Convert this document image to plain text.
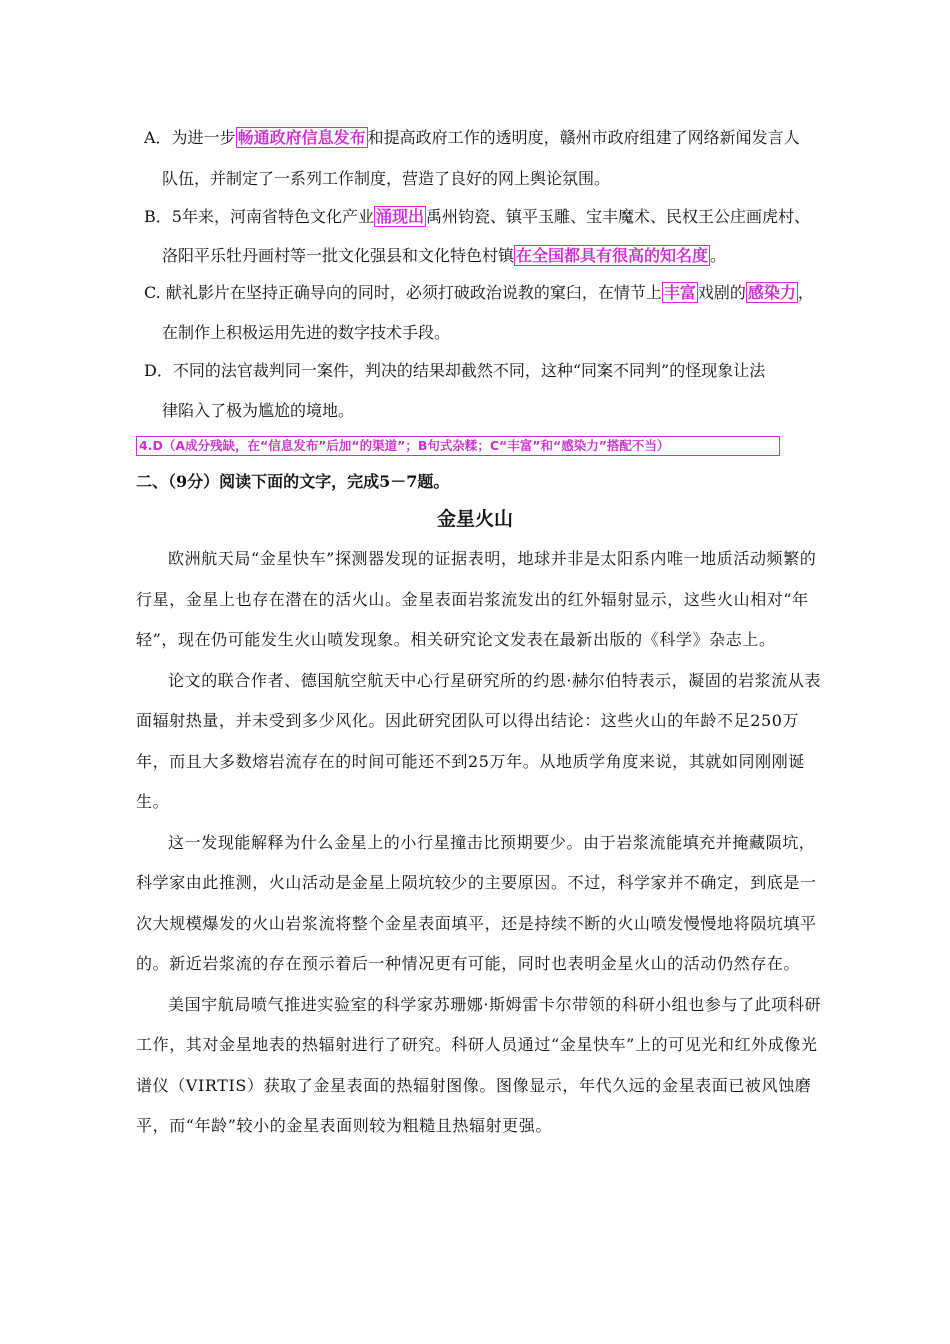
A．为进一步 畅通政府信息发布 和提高政府工作的透明度，赣州市政府组建了网络新闻发言人
队伍，并制定了一系列工作制度，营造了良好的网上舆论氛围。
B．5年来，河南省特色文化产业 涌现出 禹州钧瓷、镇平玉雕、宝丰魔术、民权王公庄画虎村、
洛阳平乐牡丹画村等一批文化强县和文化特色村镇 在全国都具有很高的知名度 。
C. 献礼影片在坚持正确导向的同时，必须打破政治说教的窠臼，在情节上 丰富 戏剧的 感染力 ，
在制作上积极运用先进的数字技术手段。
D．不同的法官裁判同一案件，判决的结果却截然不同，这种“同案不同判”的怪现象让法
律陷入了极为尴尬的境地。
4.D（A成分残缺，在“信息发布”后加“的渠道”；B句式杂糅；C“丰富”和“感染力”搭配不当）
二、（9分）阅读下面的文字，完成5－7题。
金星火山

欧洲航天局“金星快车”探测器发现的证据表明，地球并非是太阳系内唯一地质活动频繁的行星，金星上也存在潜在的活火山。金星表面岩浆流发出的红外辐射显示，这些火山相对“年轻”，现在仍可能发生火山喷发现象。相关研究论文发表在最新出版的《科学》杂志上。

论文的联合作者、德国航空航天中心行星研究所的约恩·赫尔伯特表示，凝固的岩浆流从表面辐射热量，并未受到多少风化。因此研究团队可以得出结论：这些火山的年龄不足250万年，而且大多数熔岩流存在的时间可能还不到25万年。从地质学角度来说，其就如同刚刚诞生。

这一发现能解释为什么金星上的小行星撞击比预期要少。由于岩浆流能填充并掩藏陨坑，科学家由此推测，火山活动是金星上陨坑较少的主要原因。不过，科学家并不确定，到底是一次大规模爆发的火山岩浆流将整个金星表面填平，还是持续不断的火山喷发慢慢地将陨坑填平的。新近岩浆流的存在预示着后一种情况更有可能，同时也表明金星火山的活动仍然存在。

美国宇航局喷气推进实验室的科学家苏珊娜·斯姆雷卡尔带领的科研小组也参与了此项科研工作，其对金星地表的热辐射进行了研究。科研人员通过“金星快车”上的可见光和红外成像光谱仪（VIRTIS）获取了金星表面的热辐射图像。图像显示，年代久远的金星表面已被风蚀磨平，而“年龄”较小的金星表面则较为粗糙且热辐射更强。
